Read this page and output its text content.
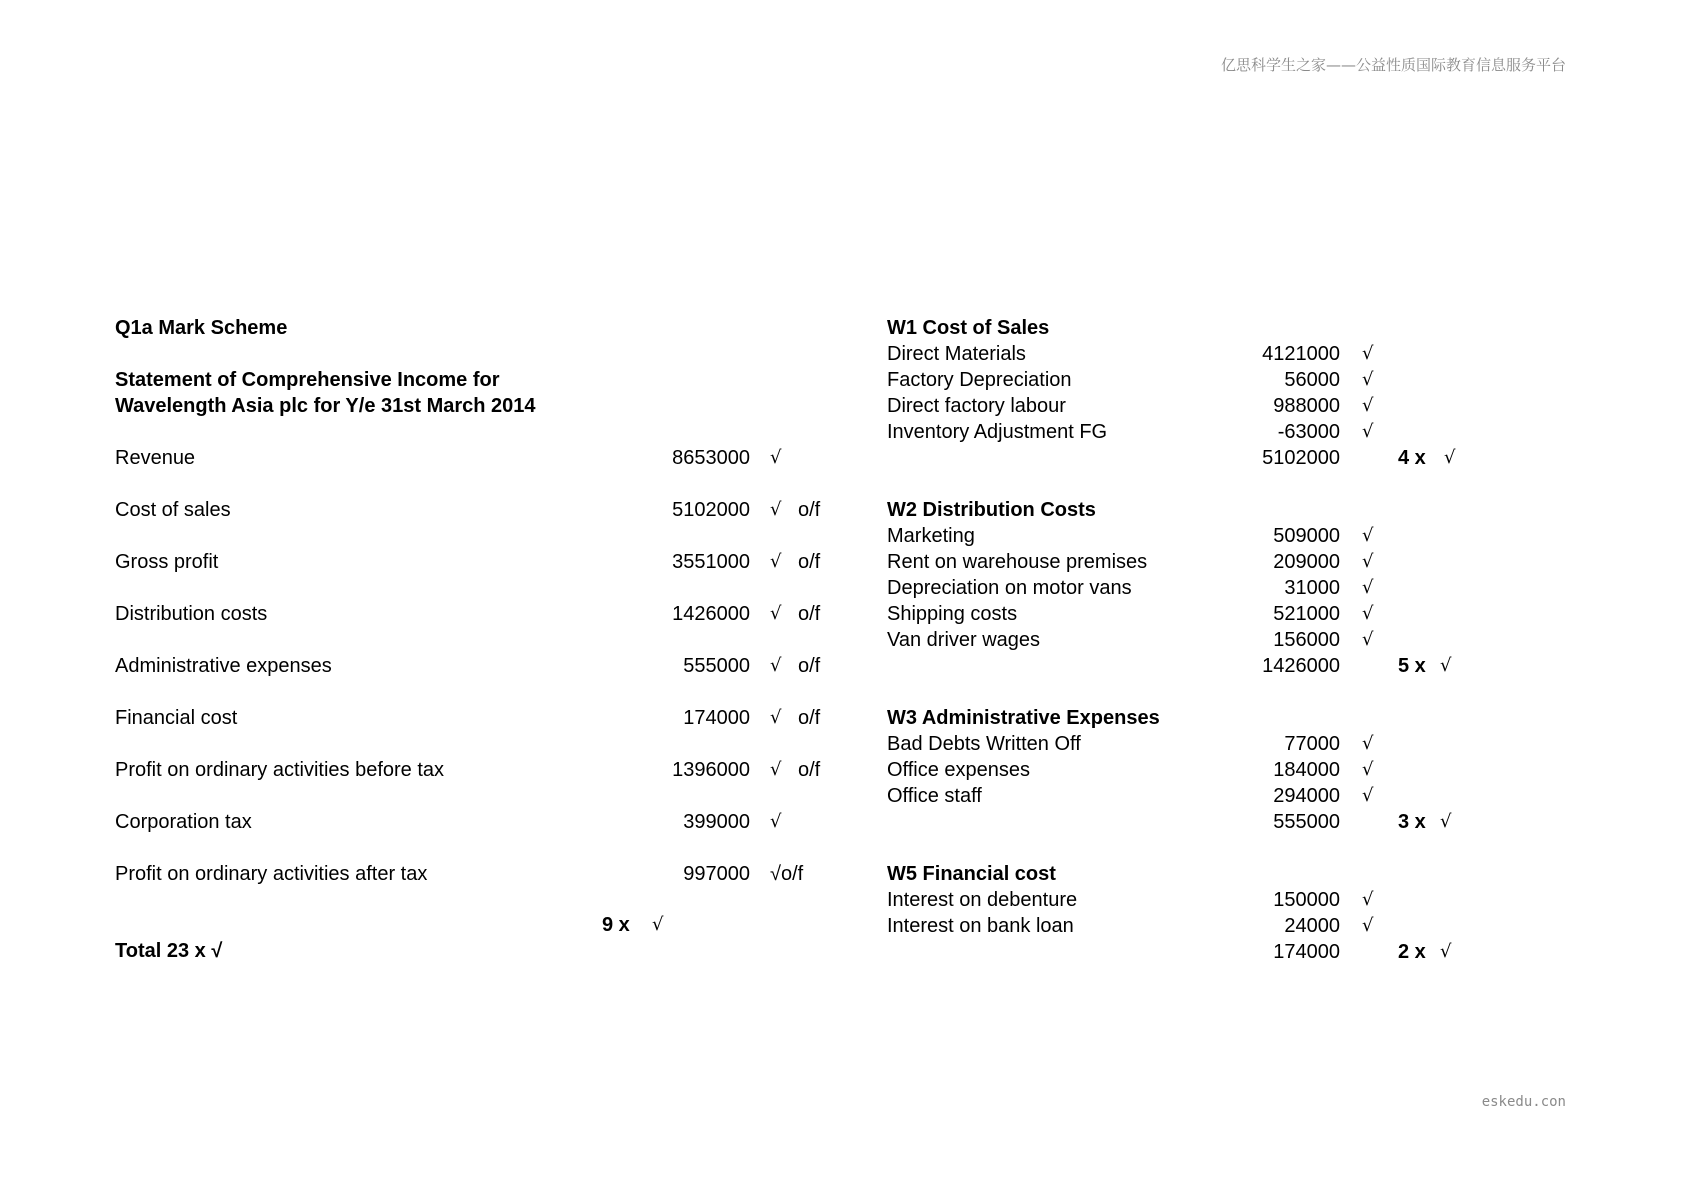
亿思科学生之家——公益性质国际教育信息服务平台
Q1a Mark Scheme
Statement of Comprehensive Income for
Wavelength Asia plc for Y/e 31st March 2014
Revenue	8653000 √
Cost of sales	5102000 √ o/f
Gross profit	3551000 √ o/f
Distribution costs	1426000 √ o/f
Administrative expenses	555000 √ o/f
Financial cost	174000 √ o/f
Profit on ordinary activities before tax	1396000 √ o/f
Corporation tax	399000 √
Profit on ordinary activities after tax	997000 √o/f
9 x √
Total 23 x √
W1 Cost of Sales
Direct Materials	4121000 √
Factory Depreciation	56000 √
Direct factory labour	988000 √
Inventory Adjustment FG	-63000 √
5102000	4 x √
W2 Distribution Costs
Marketing	509000 √
Rent on warehouse premises	209000 √
Depreciation on motor vans	31000 √
Shipping costs	521000 √
Van driver wages	156000 √
1426000	5 x √
W3 Administrative Expenses
Bad Debts Written Off	77000 √
Office expenses	184000 √
Office staff	294000 √
555000	3 x √
W5 Financial cost
Interest on debenture	150000 √
Interest on bank loan	24000 √
174000	2 x √
eskedu.con
